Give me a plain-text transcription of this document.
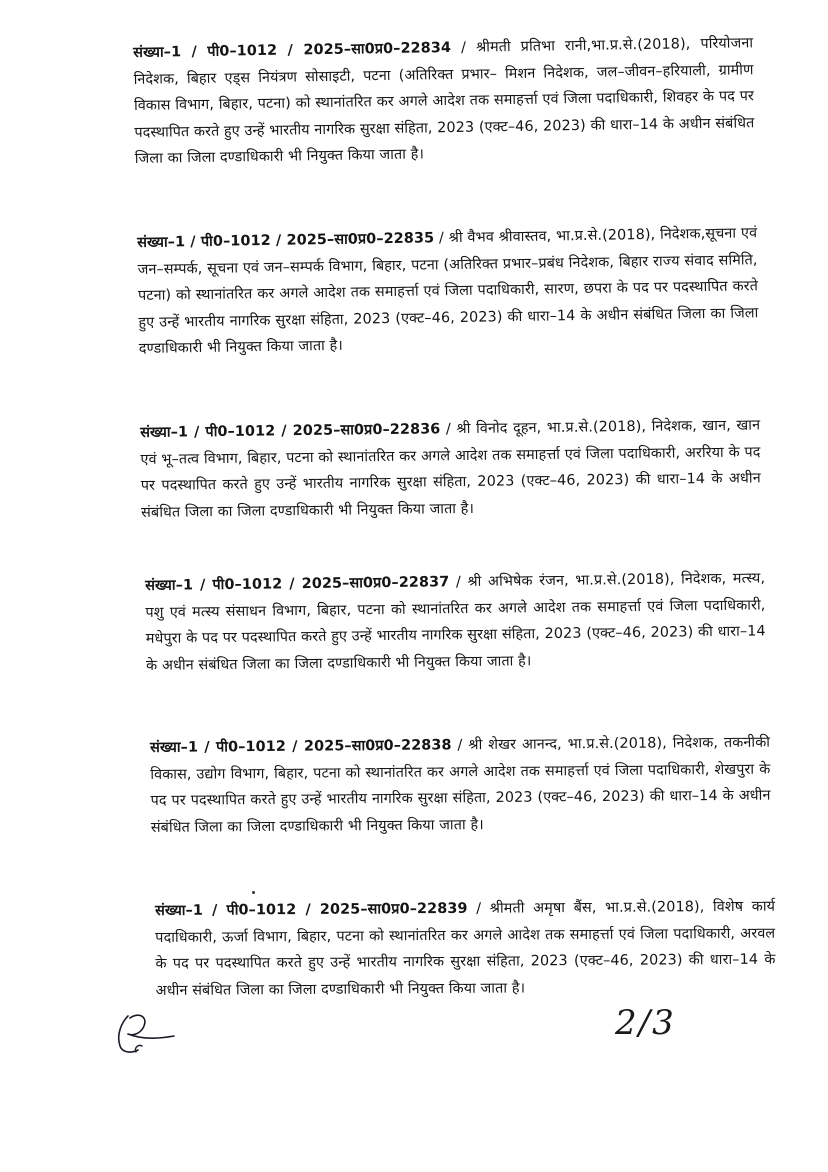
संख्या–1 / पी0–1012 / 2025–सा0प्र0–22834 / श्रीमती प्रतिभा रानी,भा.प्र.से.(2018), परियोजना निदेशक, बिहार एड्स नियंत्रण सोसाइटी, पटना (अतिरिक्त प्रभार– मिशन निदेशक, जल–जीवन–हरियाली, ग्रामीण विकास विभाग, बिहार, पटना) को स्थानांतरित कर अगले आदेश तक समाहर्त्ता एवं जिला पदाधिकारी, शिवहर के पद पर पदस्थापित करते हुए उन्हें भारतीय नागरिक सुरक्षा संहिता, 2023 (एक्ट–46, 2023) की धारा–14 के अधीन संबंधित जिला का जिला दण्डाधिकारी भी नियुक्त किया जाता है।

संख्या–1 / पी0–1012 / 2025–सा0प्र0–22835 / श्री वैभव श्रीवास्तव, भा.प्र.से.(2018), निदेशक,सूचना एवं जन–सम्पर्क, सूचना एवं जन–सम्पर्क विभाग, बिहार, पटना (अतिरिक्त प्रभार–प्रबंध निदेशक, बिहार राज्य संवाद समिति, पटना) को स्थानांतरित कर अगले आदेश तक समाहर्त्ता एवं जिला पदाधिकारी, सारण, छपरा के पद पर पदस्थापित करते हुए उन्हें भारतीय नागरिक सुरक्षा संहिता, 2023 (एक्ट–46, 2023) की धारा–14 के अधीन संबंधित जिला का जिला दण्डाधिकारी भी नियुक्त किया जाता है।

संख्या–1 / पी0–1012 / 2025–सा0प्र0–22836 / श्री विनोद दूहन, भा.प्र.से.(2018), निदेशक, खान, खान एवं भू–तत्व विभाग, बिहार, पटना को स्थानांतरित कर अगले आदेश तक समाहर्त्ता एवं जिला पदाधिकारी, अररिया के पद पर पदस्थापित करते हुए उन्हें भारतीय नागरिक सुरक्षा संहिता, 2023 (एक्ट–46, 2023) की धारा–14 के अधीन संबंधित जिला का जिला दण्डाधिकारी भी नियुक्त किया जाता है।

संख्या–1 / पी0–1012 / 2025–सा0प्र0–22837 / श्री अभिषेक रंजन, भा.प्र.से.(2018), निदेशक, मत्स्य, पशु एवं मत्स्य संसाधन विभाग, बिहार, पटना को स्थानांतरित कर अगले आदेश तक समाहर्त्ता एवं जिला पदाधिकारी, मधेपुरा के पद पर पदस्थापित करते हुए उन्हें भारतीय नागरिक सुरक्षा संहिता, 2023 (एक्ट–46, 2023) की धारा–14 के अधीन संबंधित जिला का जिला दण्डाधिकारी भी नियुक्त किया जाता है।

संख्या–1 / पी0–1012 / 2025–सा0प्र0–22838 / श्री शेखर आनन्द, भा.प्र.से.(2018), निदेशक, तकनीकी विकास, उद्योग विभाग, बिहार, पटना को स्थानांतरित कर अगले आदेश तक समाहर्त्ता एवं जिला पदाधिकारी, शेखपुरा के पद पर पदस्थापित करते हुए उन्हें भारतीय नागरिक सुरक्षा संहिता, 2023 (एक्ट–46, 2023) की धारा–14 के अधीन संबंधित जिला का जिला दण्डाधिकारी भी नियुक्त किया जाता है।

संख्या–1 / पी0–1012 / 2025–सा0प्र0–22839 / श्रीमती अमृषा बैंस, भा.प्र.से.(2018), विशेष कार्य पदाधिकारी, ऊर्जा विभाग, बिहार, पटना को स्थानांतरित कर अगले आदेश तक समाहर्त्ता एवं जिला पदाधिकारी, अरवल के पद पर पदस्थापित करते हुए उन्हें भारतीय नागरिक सुरक्षा संहिता, 2023 (एक्ट–46, 2023) की धारा–14 के अधीन संबंधित जिला का जिला दण्डाधिकारी भी नियुक्त किया जाता है।

2/3
